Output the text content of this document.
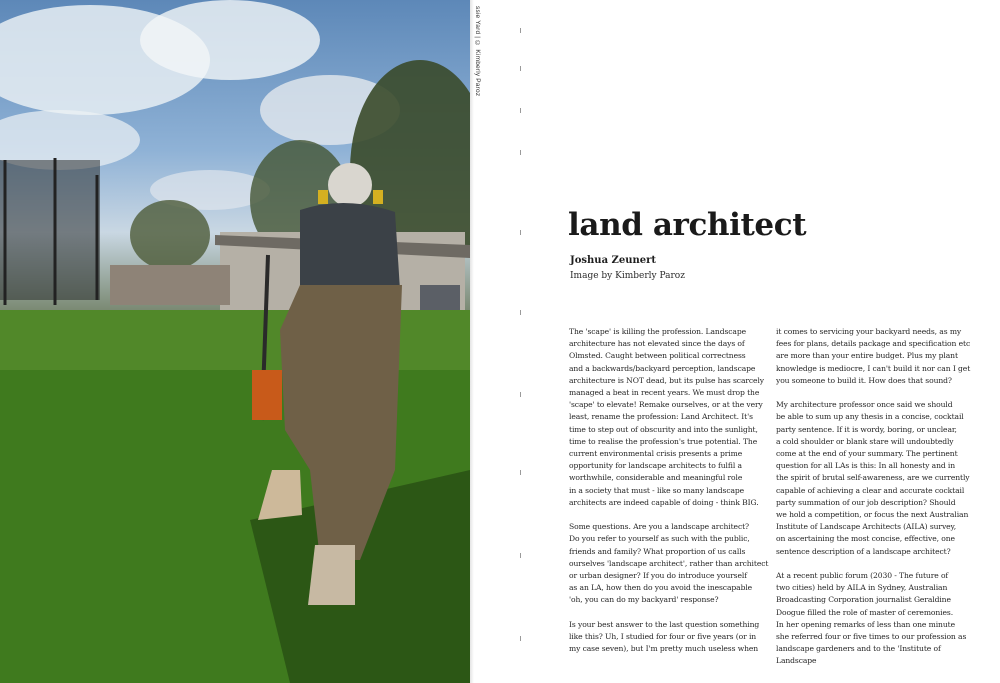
ssie Yard | © Kimberly Paroz
land architect
Joshua Zeunert
Image by Kimberly Paroz

The 'scape' is killing the profession. Landscape
architecture has not elevated since the days of
Olmsted. Caught between political correctness
and a backwards/backyard perception, landscape
architecture is NOT dead, but its pulse has scarcely
managed a beat in recent years. We must drop the
'scape' to elevate! Remake ourselves, or at the very
least, rename the profession: Land Architect. It's
time to step out of obscurity and into the sunlight,
time to realise the profession's true potential. The
current environmental crisis presents a prime
opportunity for landscape architects to fulfil a
worthwhile, considerable and meaningful role
in a society that must - like so many landscape
architects are indeed capable of doing - think BIG.

Some questions. Are you a landscape architect?
Do you refer to yourself as such with the public,
friends and family? What proportion of us calls
ourselves 'landscape architect', rather than architect
or urban designer? If you do introduce yourself
as an LA, how then do you avoid the inescapable
'oh, you can do my backyard' response?

Is your best answer to the last question something
like this? Uh, I studied for four or five years (or in
my case seven), but I'm pretty much useless when

it comes to servicing your backyard needs, as my
fees for plans, details package and specification etc
are more than your entire budget. Plus my plant
knowledge is mediocre, I can't build it nor can I get
you someone to build it. How does that sound?

My architecture professor once said we should
be able to sum up any thesis in a concise, cocktail
party sentence. If it is wordy, boring, or unclear,
a cold shoulder or blank stare will undoubtedly
come at the end of your summary. The pertinent
question for all LAs is this: In all honesty and in
the spirit of brutal self-awareness, are we currently
capable of achieving a clear and accurate cocktail
party summation of our job description? Should
we hold a competition, or focus the next Australian
Institute of Landscape Architects (AILA) survey,
on ascertaining the most concise, effective, one
sentence description of a landscape architect?

At a recent public forum (2030 - The future of
two cities) held by AILA in Sydney, Australian
Broadcasting Corporation journalist Geraldine
Doogue filled the role of master of ceremonies.
In her opening remarks of less than one minute
she referred four or five times to our profession as
landscape gardeners and to the 'Institute of Landscape
